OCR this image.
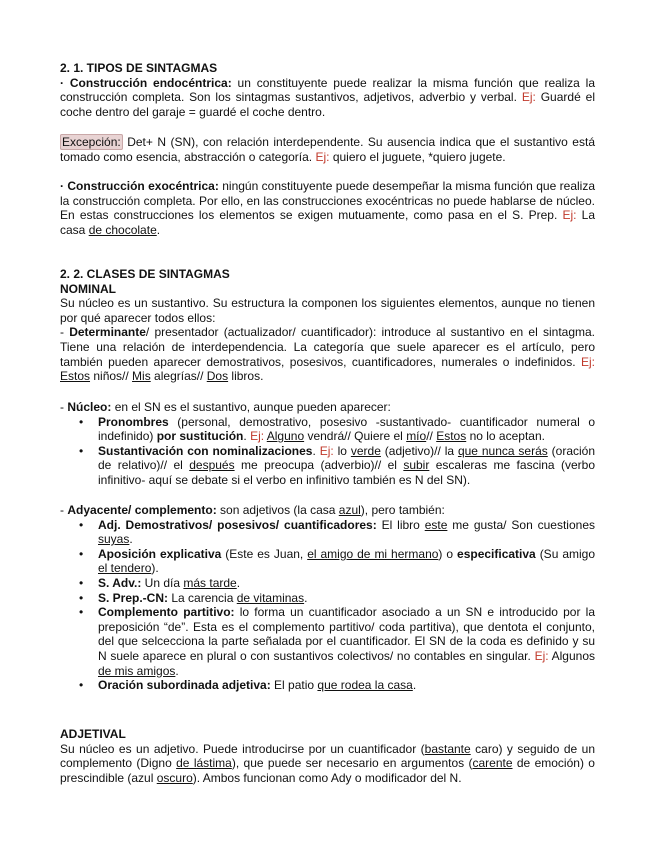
2. 1. TIPOS DE SINTAGMAS
· Construcción endocéntrica: un constituyente puede realizar la misma función que realiza la construcción completa. Son los sintagmas sustantivos, adjetivos, adverbio y verbal. Ej: Guardé el coche dentro del garaje = guardé el coche dentro.
Excepción: Det+ N (SN), con relación interdependente. Su ausencia indica que el sustantivo está tomado como esencia, abstracción o categoría. Ej: quiero el juguete, *quiero jugete.
· Construcción exocéntrica: ningún constituyente puede desempeñar la misma función que realiza la construcción completa. Por ello, en las construcciones exocéntricas no puede hablarse de núcleo. En estas construcciones los elementos se exigen mutuamente, como pasa en el S. Prep. Ej: La casa de chocolate.
2. 2. CLASES DE SINTAGMAS
NOMINAL
Su núcleo es un sustantivo. Su estructura la componen los siguientes elementos, aunque no tienen por qué aparecer todos ellos:
- Determinante/ presentador (actualizador/ cuantificador): introduce al sustantivo en el sintagma. Tiene una relación de interdependencia. La categoría que suele aparecer es el artículo, pero también pueden aparecer demostrativos, posesivos, cuantificadores, numerales o indefinidos. Ej: Estos niños// Mis alegrías// Dos libros.
- Núcleo: en el SN es el sustantivo, aunque pueden aparecer:
• Pronombres (personal, demostrativo, posesivo -sustantivado- cuantificador numeral o indefinido) por sustitución. Ej: Alguno vendrá// Quiere el mío// Estos no lo aceptan.
• Sustantivación con nominalizaciones. Ej: lo verde (adjetivo)// la que nunca serás (oración de relativo)// el después me preocupa (adverbio)// el subir escaleras me fascina (verbo infinitivo- aquí se debate si el verbo en infinitivo también es N del SN).
- Adyacente/ complemento: son adjetivos (la casa azul), pero también:
• Adj. Demostrativos/ posesivos/ cuantificadores: El libro este me gusta/ Son cuestiones suyas.
• Aposición explicativa (Este es Juan, el amigo de mi hermano) o especificativa (Su amigo el tendero).
• S. Adv.: Un día más tarde.
• S. Prep.-CN: La carencia de vitaminas.
• Complemento partitivo: lo forma un cuantificador asociado a un SN e introducido por la preposición “de”. Esta es el complemento partitivo/ coda partitiva), que dentota el conjunto, del que selcecciona la parte señalada por el cuantificador. El SN de la coda es definido y su N suele aparece en plural o con sustantivos colectivos/ no contables en singular. Ej: Algunos de mis amigos.
• Oración subordinada adjetiva: El patio que rodea la casa.
ADJETIVAL
Su núcleo es un adjetivo. Puede introducirse por un cuantificador (bastante caro) y seguido de un complemento (Digno de lástima), que puede ser necesario en argumentos (carente de emoción) o prescindible (azul oscuro). Ambos funcionan como Ady o modificador del N.
